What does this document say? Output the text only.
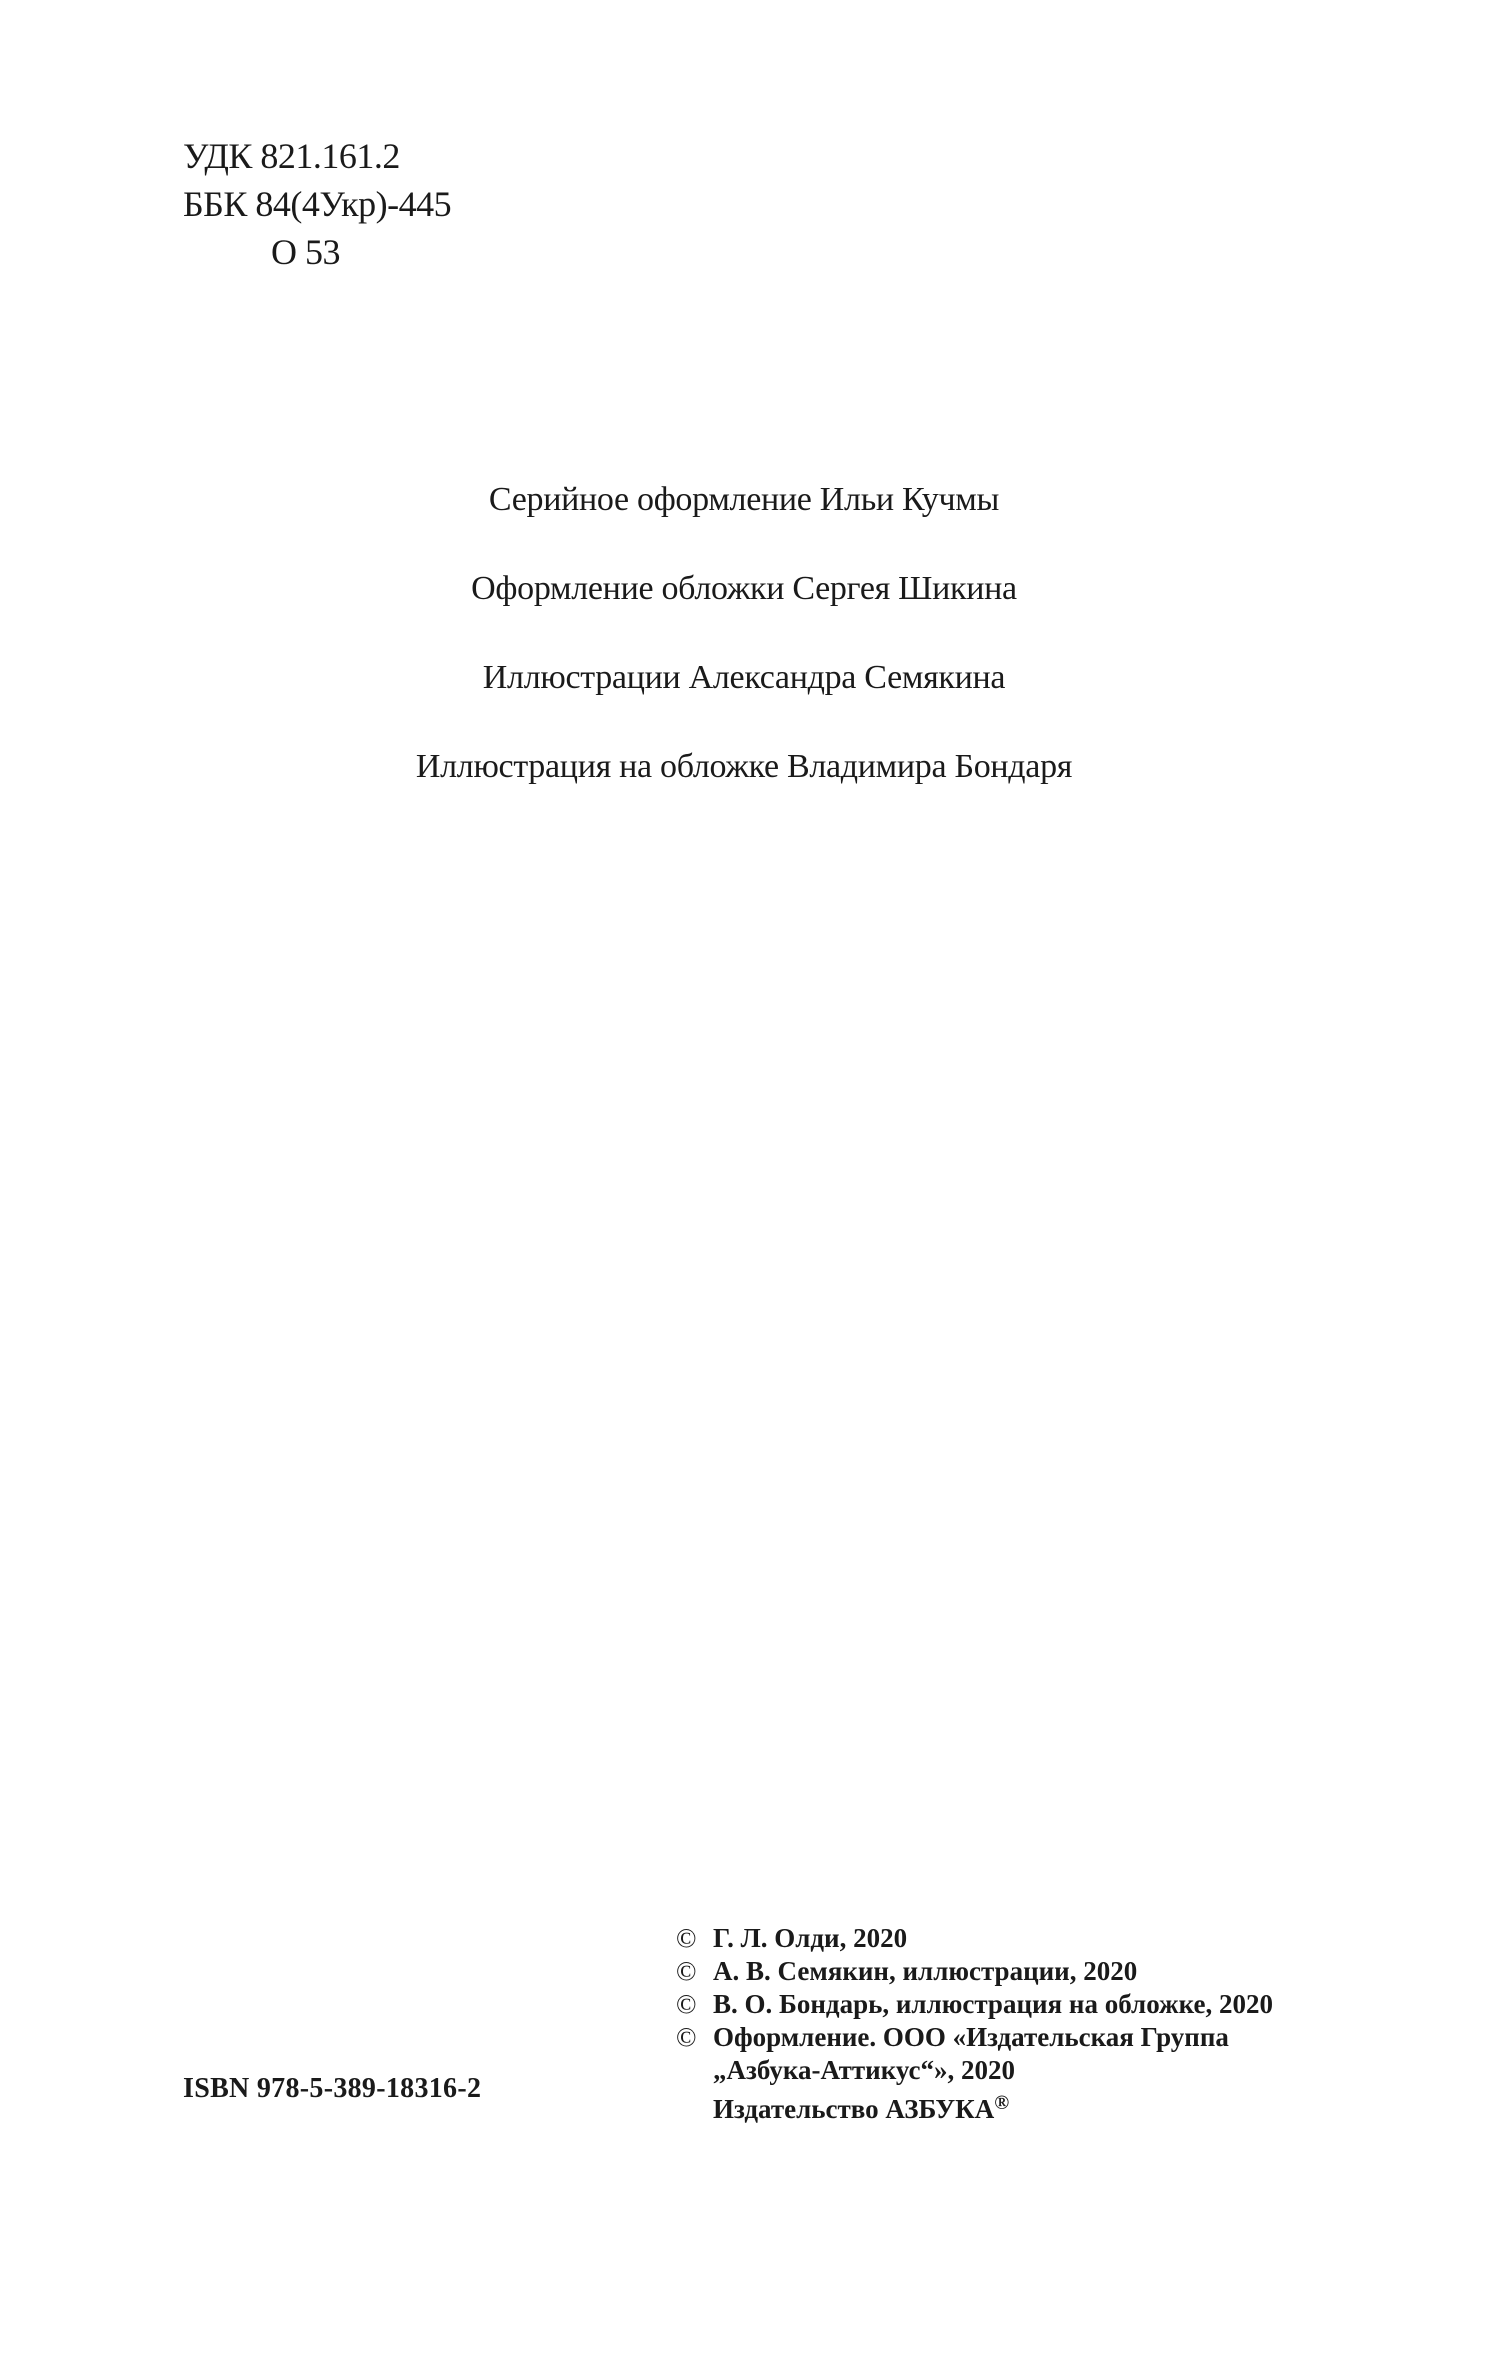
УДК 821.161.2
ББК 84(4Укр)-445
О 53
Серийное оформление Ильи Кучмы
Оформление обложки Сергея Шикина
Иллюстрации Александра Семякина
Иллюстрация на обложке Владимира Бондаря
ISBN 978-5-389-18316-2
© Г. Л. Олди, 2020
© А. В. Семякин, иллюстрации, 2020
© В. О. Бондарь, иллюстрация на обложке, 2020
© Оформление. ООО «Издательская Группа
„Азбука-Аттикус“», 2020
Издательство АЗБУКА®
